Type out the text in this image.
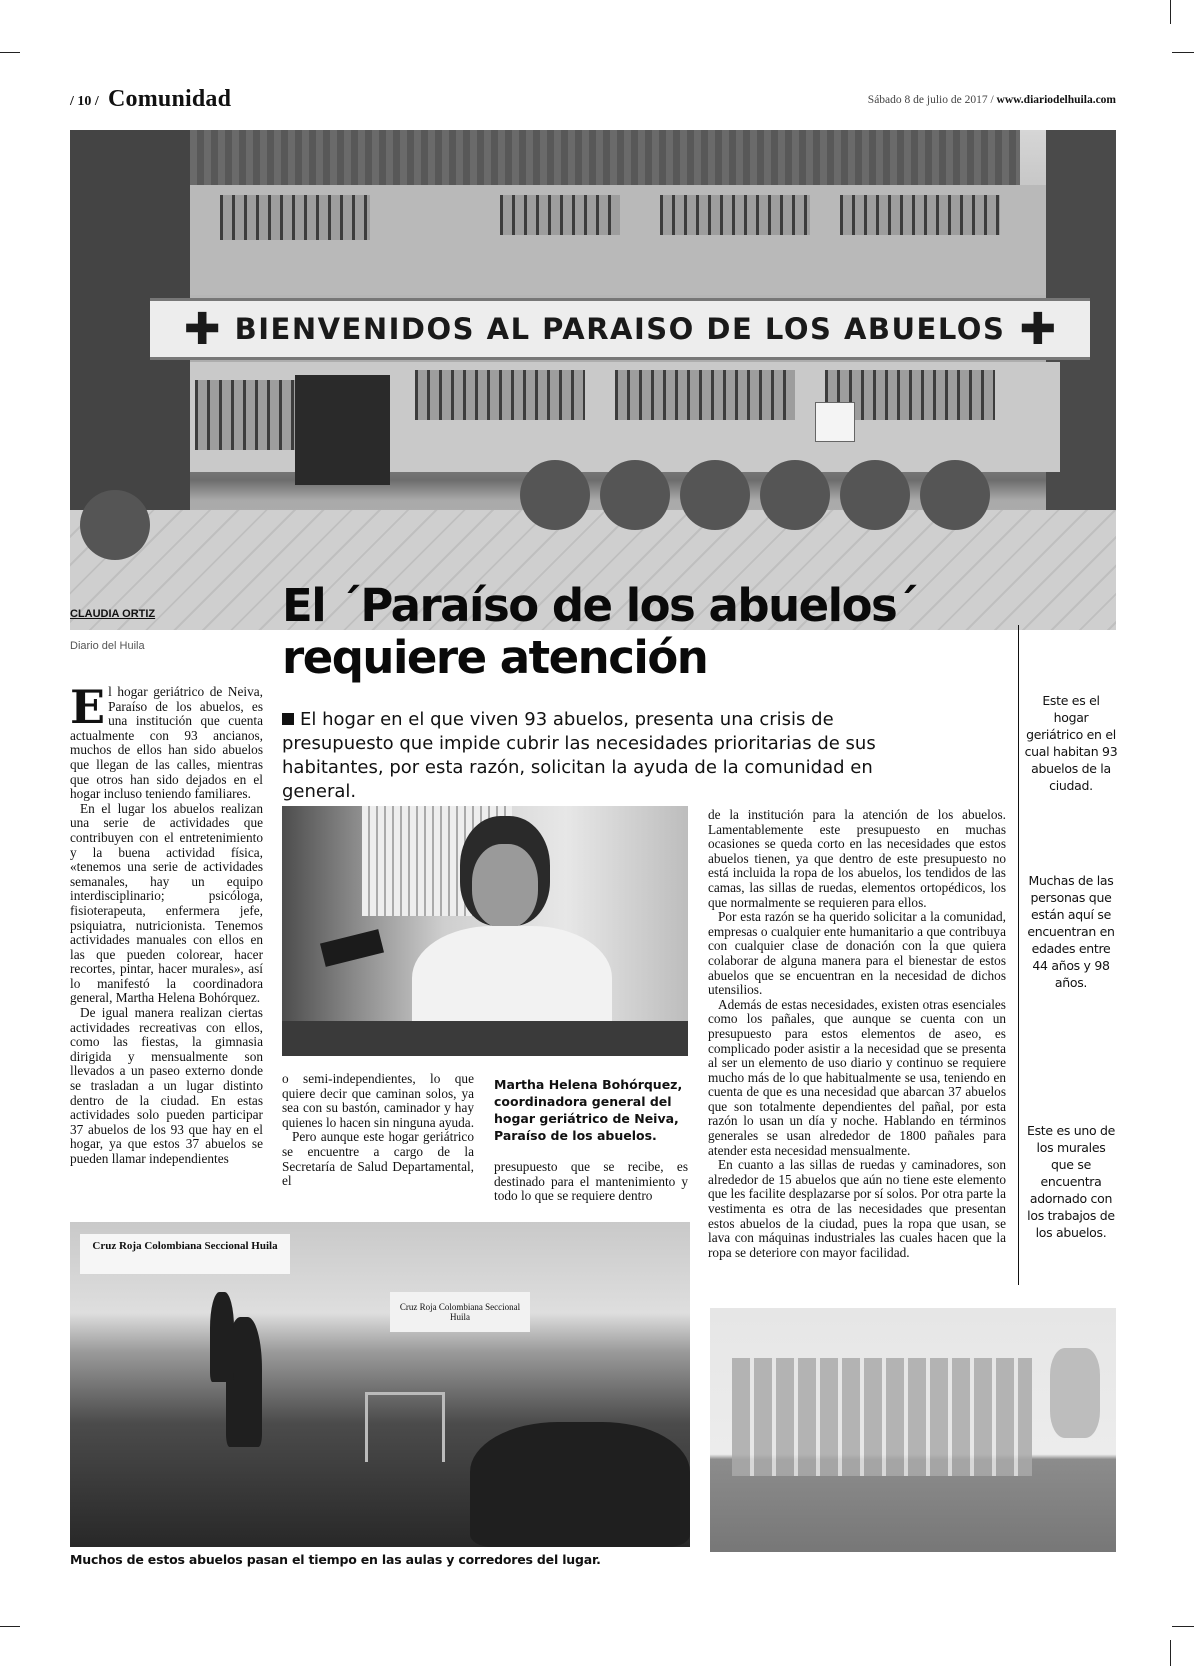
/ 10 / Comunidad	Sábado 8 de julio de 2017 / www.diariodelhuila.com
✚ BIENVENIDOS AL PARAISO DE LOS ABUELOS ✚
El ´Paraíso de los abuelos´
requiere atención

El hogar en el que viven 93 abuelos, presenta una crisis de presupuesto que impide cubrir las necesidades prioritarias de sus habitantes, por esta razón, solicitan la ayuda de la comunidad en general.

CLAUDIA ORTIZ
Diario del Huila

El hogar geriátrico de Neiva, Paraíso de los abuelos, es una institución que cuenta actualmente con 93 ancianos, muchos de ellos han sido abuelos que llegan de las calles, mientras que otros han sido dejados en el hogar incluso teniendo familiares.

En el lugar los abuelos realizan una serie de actividades que contribuyen con el entretenimiento y la buena actividad física, «tenemos una serie de actividades semanales, hay un equipo interdisciplinario; psicóloga, fisioterapeuta, enfermera jefe, psiquiatra, nutricionista. Tenemos actividades manuales con ellos en las que pueden colorear, hacer recortes, pintar, hacer murales», así lo manifestó la coordinadora general, Martha Helena Bohórquez.

De igual manera realizan ciertas actividades recreativas con ellos, como las fiestas, la gimnasia dirigida y mensualmente son llevados a un paseo externo donde se trasladan a un lugar distinto dentro de la ciudad. En estas actividades solo pueden participar 37 abuelos de los 93 que hay en el hogar, ya que estos 37 abuelos se pueden llamar independientes

o semi-independientes, lo que quiere decir que caminan solos, ya sea con su bastón, caminador y hay quienes lo hacen sin ninguna ayuda.

Pero aunque este hogar geriátrico se encuentre a cargo de la Secretaría de Salud Departamental, el

Martha Helena Bohórquez, coordinadora general del hogar geriátrico de Neiva, Paraíso de los abuelos.

presupuesto que se recibe, es destinado para el mantenimiento y todo lo que se requiere dentro

de la institución para la atención de los abuelos. Lamentablemente este presupuesto en muchas ocasiones se queda corto en las necesidades que estos abuelos tienen, ya que dentro de este presupuesto no está incluida la ropa de los abuelos, los tendidos de las camas, las sillas de ruedas, elementos ortopédicos, los que normalmente se requieren para ellos.

Por esta razón se ha querido solicitar a la comunidad, empresas o cualquier ente humanitario a que contribuya con cualquier clase de donación con la que quiera colaborar de alguna manera para el bienestar de estos abuelos que se encuentran en la necesidad de dichos utensilios.

Además de estas necesidades, existen otras esenciales como los pañales, que aunque se cuenta con un presupuesto para estos elementos de aseo, es complicado poder asistir a la necesidad que se presenta al ser un elemento de uso diario y continuo se requiere mucho más de lo que habitualmente se usa, teniendo en cuenta de que es una necesidad que abarcan 37 abuelos que son totalmente dependientes del pañal, por esta razón lo usan un día y noche. Hablando en términos generales se usan alrededor de 1800 pañales para atender esta necesidad mensualmente.

En cuanto a las sillas de ruedas y caminadores, son alrededor de 15 abuelos que aún no tiene este elemento que les facilite desplazarse por sí solos. Por otra parte la vestimenta es otra de las necesidades que presentan estos abuelos de la ciudad, pues la ropa que usan, se lava con máquinas industriales las cuales hacen que la ropa se deteriore con mayor facilidad.

Este es el hogar geriátrico en el cual habitan 93 abuelos de la ciudad.
Muchas de las personas que están aquí se encuentran en edades entre 44 años y 98 años.
Este es uno de los murales que se encuentra adornado con los trabajos de los abuelos.
Cruz Roja Colombiana Seccional Huila
Cruz Roja Colombiana Seccional Huila
Muchos de estos abuelos pasan el tiempo en las aulas y corredores del lugar.
